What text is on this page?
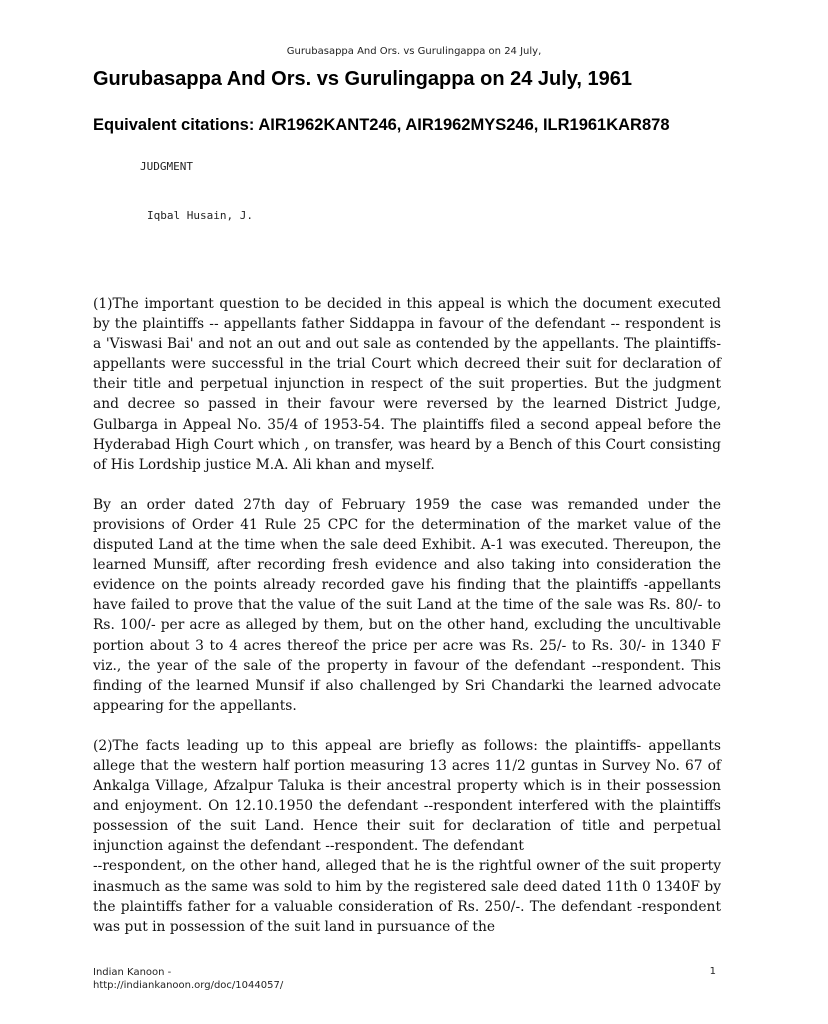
Gurubasappa And Ors. vs Gurulingappa on 24 July,
Gurubasappa And Ors. vs Gurulingappa on 24 July, 1961
Equivalent citations: AIR1962KANT246, AIR1962MYS246, ILR1961KAR878
JUDGMENT
Iqbal Husain, J.

(1)The important question to be decided in this appeal is which the document executed by the plaintiffs -- appellants father Siddappa in favour of the defendant -- respondent is a 'Viswasi Bai' and not an out and out sale as contended by the appellants. The plaintiffs- appellants were successful in the trial Court which decreed their suit for declaration of their title and perpetual injunction in respect of the suit properties. But the judgment and decree so passed in their favour were reversed by the learned District Judge, Gulbarga in Appeal No. 35/4 of 1953-54. The plaintiffs filed a second appeal before the Hyderabad High Court which , on transfer, was heard by a Bench of this Court consisting of His Lordship justice M.A. Ali khan and myself.

By an order dated 27th day of February 1959 the case was remanded under the provisions of Order 41 Rule 25 CPC for the determination of the market value of the disputed Land at the time when the sale deed Exhibit. A-1 was executed. Thereupon, the learned Munsiff, after recording fresh evidence and also taking into consideration the evidence on the points already recorded gave his finding that the plaintiffs -appellants have failed to prove that the value of the suit Land at the time of the sale was Rs. 80/- to Rs. 100/- per acre as alleged by them, but on the other hand, excluding the uncultivable portion about 3 to 4 acres thereof the price per acre was Rs. 25/- to Rs. 30/- in 1340 F viz., the year of the sale of the property in favour of the defendant --respondent. This finding of the learned Munsif if also challenged by Sri Chandarki the learned advocate appearing for the appellants.

(2)The facts leading up to this appeal are briefly as follows: the plaintiffs- appellants allege that the western half portion measuring 13 acres 11/2 guntas in Survey No. 67 of Ankalga Village, Afzalpur Taluka is their ancestral property which is in their possession and enjoyment. On 12.10.1950 the defendant --respondent interfered with the plaintiffs possession of the suit Land. Hence their suit for declaration of title and perpetual injunction against the defendant --respondent. The defendant

--respondent, on the other hand, alleged that he is the rightful owner of the suit property inasmuch as the same was sold to him by the registered sale deed dated 11th 0 1340F by the plaintiffs father for a valuable consideration of Rs. 250/-. The defendant -respondent was put in possession of the suit land in pursuance of the

Indian Kanoon -
http://indiankanoon.org/doc/1044057/
1
